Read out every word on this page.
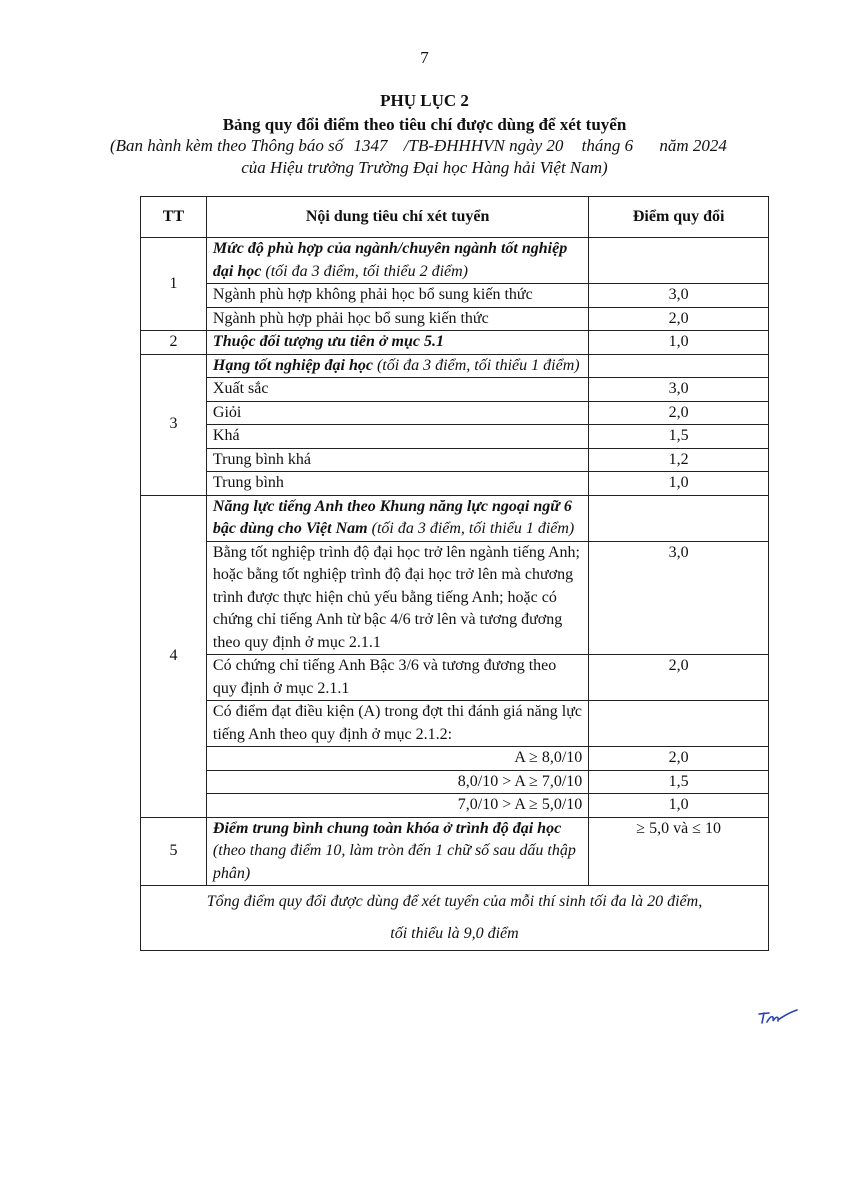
7
PHỤ LỤC 2
Bảng quy đổi điểm theo tiêu chí được dùng để xét tuyển
(Ban hành kèm theo Thông báo số 1347 /TB-ĐHHHVN ngày 20 tháng 6 năm 2024
của Hiệu trưởng Trường Đại học Hàng hải Việt Nam)
TT	Nội dung tiêu chí xét tuyển	Điểm quy đổi
1	Mức độ phù hợp của ngành/chuyên ngành tốt nghiệp đại học (tối đa 3 điểm, tối thiểu 2 điểm)	
	Ngành phù hợp không phải học bổ sung kiến thức	3,0
	Ngành phù hợp phải học bổ sung kiến thức	2,0
2	Thuộc đối tượng ưu tiên ở mục 5.1	1,0
3	Hạng tốt nghiệp đại học (tối đa 3 điểm, tối thiểu 1 điểm)	
	Xuất sắc	3,0
	Giỏi	2,0
	Khá	1,5
	Trung bình khá	1,2
	Trung bình	1,0
4	Năng lực tiếng Anh theo Khung năng lực ngoại ngữ 6 bậc dùng cho Việt Nam (tối đa 3 điểm, tối thiểu 1 điểm)	
	Bằng tốt nghiệp trình độ đại học trở lên ngành tiếng Anh; hoặc bằng tốt nghiệp trình độ đại học trở lên mà chương trình được thực hiện chủ yếu bằng tiếng Anh; hoặc có chứng chỉ tiếng Anh từ bậc 4/6 trở lên và tương đương theo quy định ở mục 2.1.1	3,0
	Có chứng chỉ tiếng Anh Bậc 3/6 và tương đương theo quy định ở mục 2.1.1	2,0
	Có điểm đạt điều kiện (A) trong đợt thi đánh giá năng lực tiếng Anh theo quy định ở mục 2.1.2:	
	A ≥ 8,0/10	2,0
	8,0/10 > A ≥ 7,0/10	1,5
	7,0/10 > A ≥ 5,0/10	1,0
5	Điểm trung bình chung toàn khóa ở trình độ đại học (theo thang điểm 10, làm tròn đến 1 chữ số sau dấu thập phân)	≥ 5,0 và ≤ 10

Tổng điểm quy đổi được dùng để xét tuyển của mỗi thí sinh tối đa là 20 điểm,
tối thiểu là 9,0 điểm		
